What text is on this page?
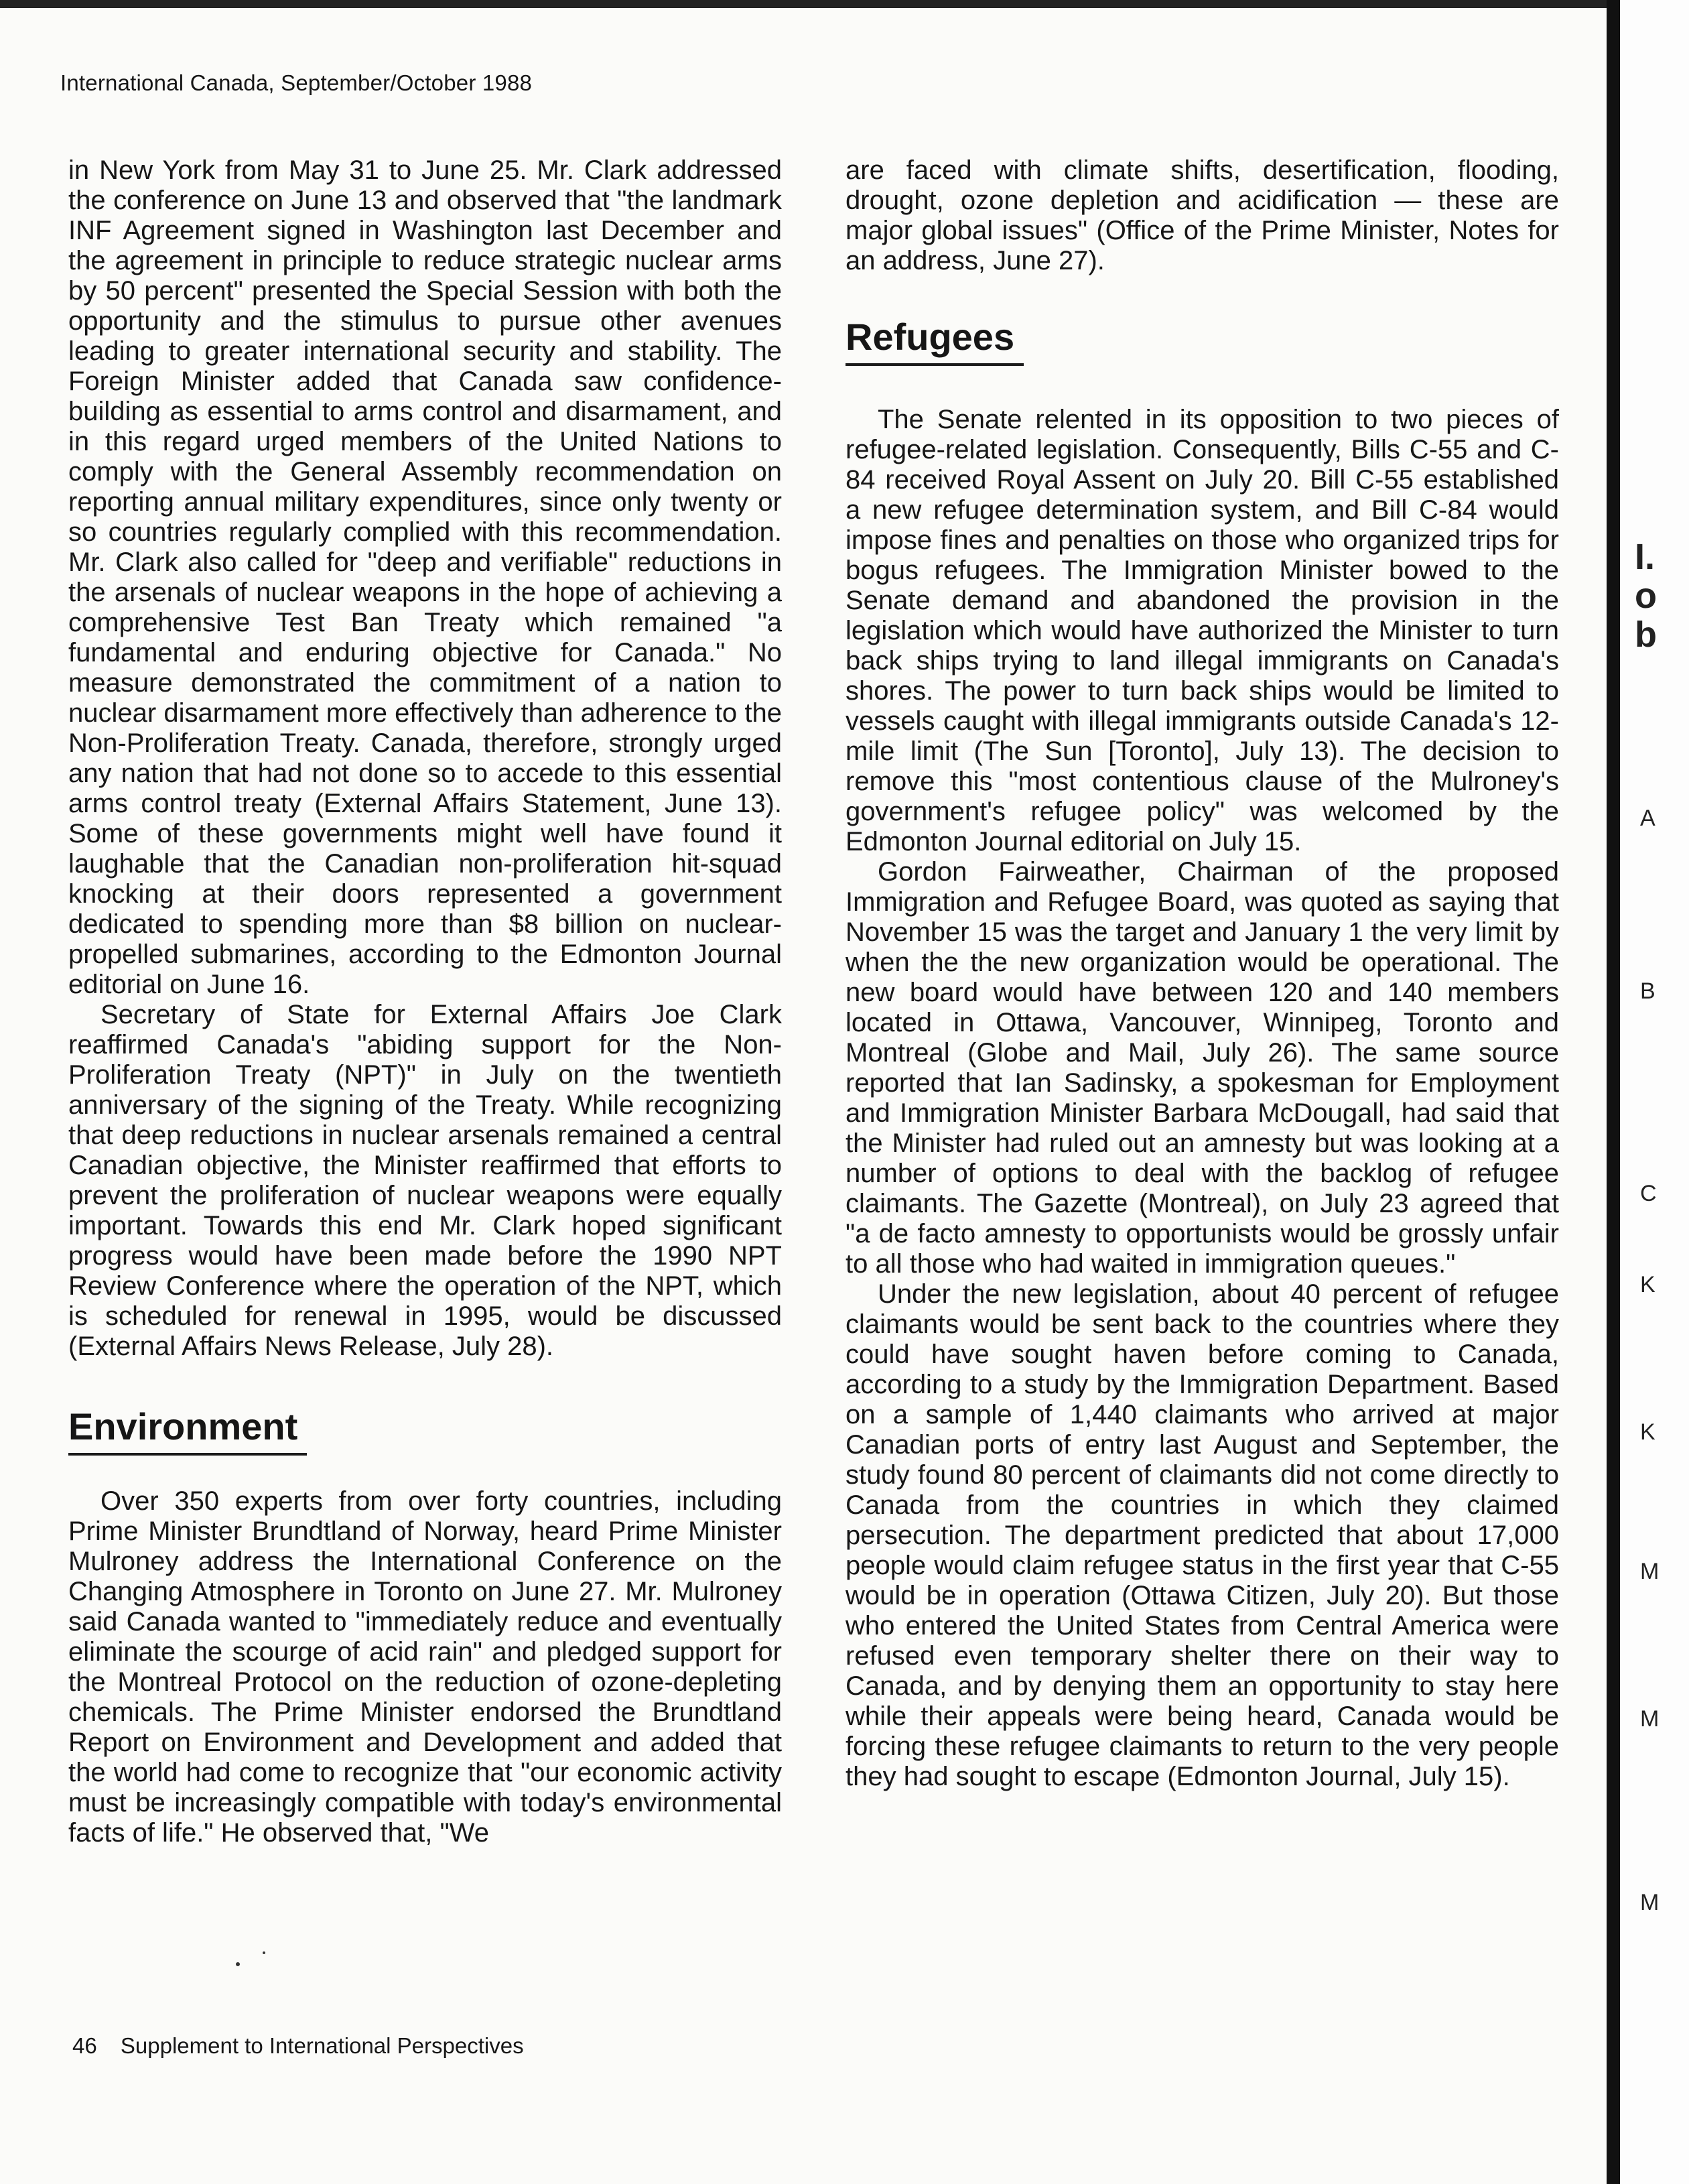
I.
o
b
A
B
C
K
K
M
M
M
International Canada, September/October 1988

in New York from May 31 to June 25. Mr. Clark addressed the conference on June 13 and observed that "the landmark INF Agreement signed in Washington last December and the agreement in principle to reduce strategic nuclear arms by 50 percent" presented the Special Session with both the opportunity and the stimulus to pursue other avenues leading to greater international security and stability. The Foreign Minister added that Canada saw confidence-building as essential to arms control and disarmament, and in this regard urged members of the United Nations to comply with the General Assembly recommendation on reporting annual military expenditures, since only twenty or so countries regularly complied with this recommendation. Mr. Clark also called for "deep and verifiable" reductions in the arsenals of nuclear weapons in the hope of achieving a comprehensive Test Ban Treaty which remained "a fundamental and enduring objective for Canada." No measure demonstrated the commitment of a nation to nuclear disarmament more effectively than adherence to the Non-Proliferation Treaty. Canada, therefore, strongly urged any nation that had not done so to accede to this essential arms control treaty (External Affairs Statement, June 13). Some of these governments might well have found it laughable that the Canadian non-proliferation hit-squad knocking at their doors represented a government dedicated to spending more than $8 billion on nuclear-propelled submarines, according to the Edmonton Journal editorial on June 16.

Secretary of State for External Affairs Joe Clark reaffirmed Canada's "abiding support for the Non-Proliferation Treaty (NPT)" in July on the twentieth anniversary of the signing of the Treaty. While recognizing that deep reductions in nuclear arsenals remained a central Canadian objective, the Minister reaffirmed that efforts to prevent the proliferation of nuclear weapons were equally important. Towards this end Mr. Clark hoped significant progress would have been made before the 1990 NPT Review Conference where the operation of the NPT, which is scheduled for renewal in 1995, would be discussed (External Affairs News Release, July 28).

Environment

Over 350 experts from over forty countries, including Prime Minister Brundtland of Norway, heard Prime Minister Mulroney address the International Conference on the Changing Atmosphere in Toronto on June 27. Mr. Mulroney said Canada wanted to "immediately reduce and eventually eliminate the scourge of acid rain" and pledged support for the Montreal Protocol on the reduction of ozone-depleting chemicals. The Prime Minister endorsed the Brundtland Report on Environment and Development and added that the world had come to recognize that "our economic activity must be increasingly compatible with today's environmental facts of life." He observed that, "We

are faced with climate shifts, desertification, flooding, drought, ozone depletion and acidification — these are major global issues" (Office of the Prime Minister, Notes for an address, June 27).

Refugees

The Senate relented in its opposition to two pieces of refugee-related legislation. Consequently, Bills C-55 and C-84 received Royal Assent on July 20. Bill C-55 established a new refugee determination system, and Bill C-84 would impose fines and penalties on those who organized trips for bogus refugees. The Immigration Minister bowed to the Senate demand and abandoned the provision in the legislation which would have authorized the Minister to turn back ships trying to land illegal immigrants on Canada's shores. The power to turn back ships would be limited to vessels caught with illegal immigrants outside Canada's 12-mile limit (The Sun [Toronto], July 13). The decision to remove this "most contentious clause of the Mulroney's government's refugee policy" was welcomed by the Edmonton Journal editorial on July 15.

Gordon Fairweather, Chairman of the proposed Immigration and Refugee Board, was quoted as saying that November 15 was the target and January 1 the very limit by when the the new organization would be operational. The new board would have between 120 and 140 members located in Ottawa, Vancouver, Winnipeg, Toronto and Montreal (Globe and Mail, July 26). The same source reported that Ian Sadinsky, a spokesman for Employment and Immigration Minister Barbara McDougall, had said that the Minister had ruled out an amnesty but was looking at a number of options to deal with the backlog of refugee claimants. The Gazette (Montreal), on July 23 agreed that "a de facto amnesty to opportunists would be grossly unfair to all those who had waited in immigration queues."

Under the new legislation, about 40 percent of refugee claimants would be sent back to the countries where they could have sought haven before coming to Canada, according to a study by the Immigration Department. Based on a sample of 1,440 claimants who arrived at major Canadian ports of entry last August and September, the study found 80 percent of claimants did not come directly to Canada from the countries in which they claimed persecution. The department predicted that about 17,000 people would claim refugee status in the first year that C-55 would be in operation (Ottawa Citizen, July 20). But those who entered the United States from Central America were refused even temporary shelter there on their way to Canada, and by denying them an opportunity to stay here while their appeals were being heard, Canada would be forcing these refugee claimants to return to the very people they had sought to escape (Edmonton Journal, July 15).

46 Supplement to International Perspectives
